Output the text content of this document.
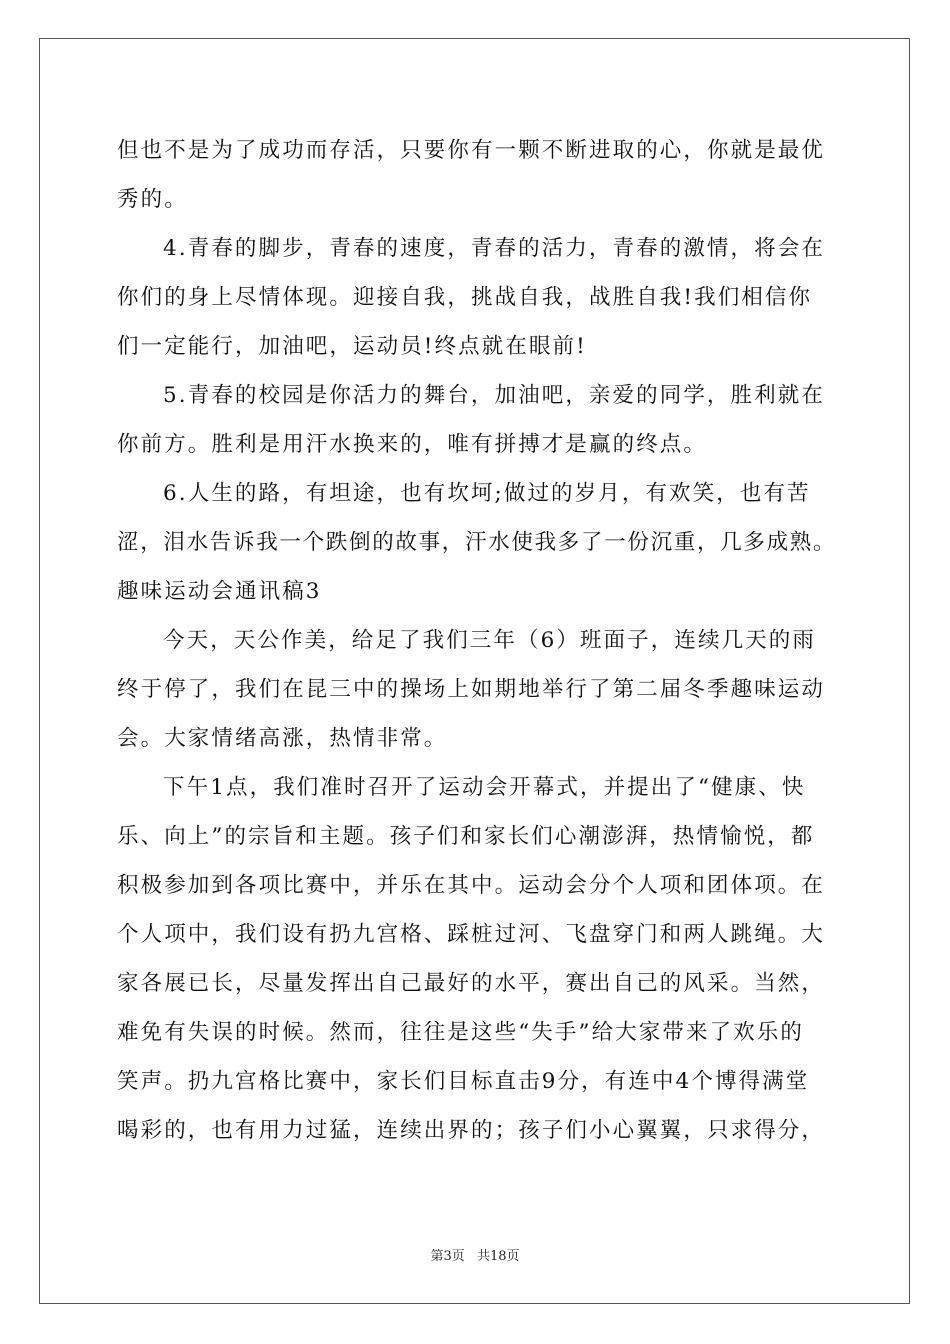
但也不是为了成功而存活，只要你有一颗不断进取的心，你就是最优
秀的。
4.青春的脚步，青春的速度，青春的活力，青春的激情，将会在
你们的身上尽情体现。迎接自我，挑战自我，战胜自我!我们相信你
们一定能行，加油吧，运动员!终点就在眼前!
5.青春的校园是你活力的舞台，加油吧，亲爱的同学，胜利就在
你前方。胜利是用汗水换来的，唯有拼搏才是赢的终点。
6.人生的路，有坦途，也有坎坷;做过的岁月，有欢笑，也有苦
涩，泪水告诉我一个跌倒的故事，汗水使我多了一份沉重，几多成熟。
趣味运动会通讯稿3
今天，天公作美，给足了我们三年（6）班面子，连续几天的雨
终于停了，我们在昆三中的操场上如期地举行了第二届冬季趣味运动
会。大家情绪高涨，热情非常。
下午1点，我们准时召开了运动会开幕式，并提出了“健康、快
乐、向上”的宗旨和主题。孩子们和家长们心潮澎湃，热情愉悦，都
积极参加到各项比赛中，并乐在其中。运动会分个人项和团体项。在
个人项中，我们设有扔九宫格、踩桩过河、飞盘穿门和两人跳绳。大
家各展已长，尽量发挥出自己最好的水平，赛出自己的风采。当然，
难免有失误的时候。然而，往往是这些“失手”给大家带来了欢乐的
笑声。扔九宫格比赛中，家长们目标直击9分，有连中4个博得满堂
喝彩的，也有用力过猛，连续出界的；孩子们小心翼翼，只求得分，
第3页 共18页
